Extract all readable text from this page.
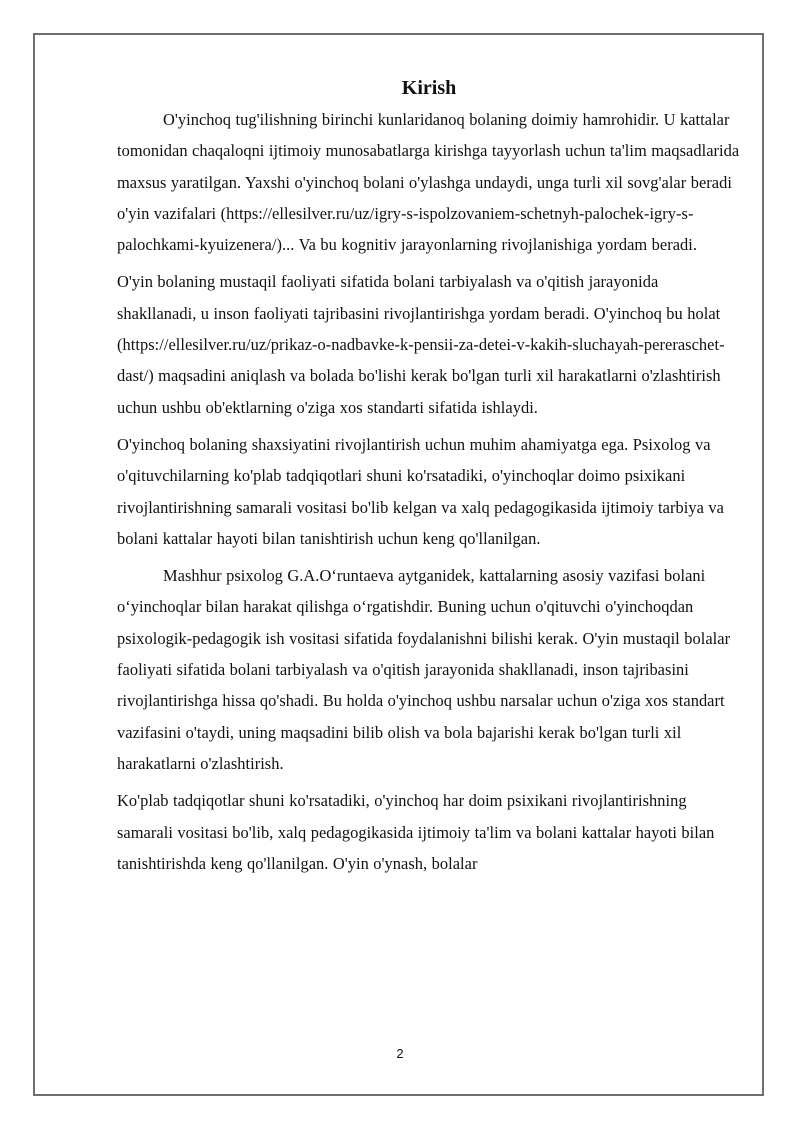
Kirish

O'yinchoq tug'ilishning birinchi kunlaridanoq bolaning doimiy hamrohidir. U kattalar tomonidan chaqaloqni ijtimoiy munosabatlarga kirishga tayyorlash uchun ta'lim maqsadlarida maxsus yaratilgan. Yaxshi o'yinchoq bolani o'ylashga undaydi, unga turli xil sovg'alar beradi o'yin vazifalari (https://ellesilver.ru/uz/igry-s-ispolzovaniem-schetnyh-palochek-igry-s-palochkami-kyuizenera/)... Va bu kognitiv jarayonlarning rivojlanishiga yordam beradi.

O'yin bolaning mustaqil faoliyati sifatida bolani tarbiyalash va o'qitish jarayonida shakllanadi, u inson faoliyati tajribasini rivojlantirishga yordam beradi. O'yinchoq bu holat (https://ellesilver.ru/uz/prikaz-o-nadbavke-k-pensii-za-detei-v-kakih-sluchayah-pereraschet-dast/) maqsadini aniqlash va bolada bo'lishi kerak bo'lgan turli xil harakatlarni o'zlashtirish uchun ushbu ob'ektlarning o'ziga xos standarti sifatida ishlaydi.

O'yinchoq bolaning shaxsiyatini rivojlantirish uchun muhim ahamiyatga ega. Psixolog va o'qituvchilarning ko'plab tadqiqotlari shuni ko'rsatadiki, o'yinchoqlar doimo psixikani rivojlantirishning samarali vositasi bo'lib kelgan va xalq pedagogikasida ijtimoiy tarbiya va bolani kattalar hayoti bilan tanishtirish uchun keng qo'llanilgan.

Mashhur psixolog G.A.O‘runtaeva aytganidek, kattalarning asosiy vazifasi bolani o‘yinchoqlar bilan harakat qilishga o‘rgatishdir. Buning uchun o'qituvchi o'yinchoqdan psixologik-pedagogik ish vositasi sifatida foydalanishni bilishi kerak. O'yin mustaqil bolalar faoliyati sifatida bolani tarbiyalash va o'qitish jarayonida shakllanadi, inson tajribasini rivojlantirishga hissa qo'shadi. Bu holda o'yinchoq ushbu narsalar uchun o'ziga xos standart vazifasini o'taydi, uning maqsadini bilib olish va bola bajarishi kerak bo'lgan turli xil harakatlarni o'zlashtirish.

Ko'plab tadqiqotlar shuni ko'rsatadiki, o'yinchoq har doim psixikani rivojlantirishning samarali vositasi bo'lib, xalq pedagogikasida ijtimoiy ta'lim va bolani kattalar hayoti bilan tanishtirishda keng qo'llanilgan. O'yin o'ynash, bolalar

2
